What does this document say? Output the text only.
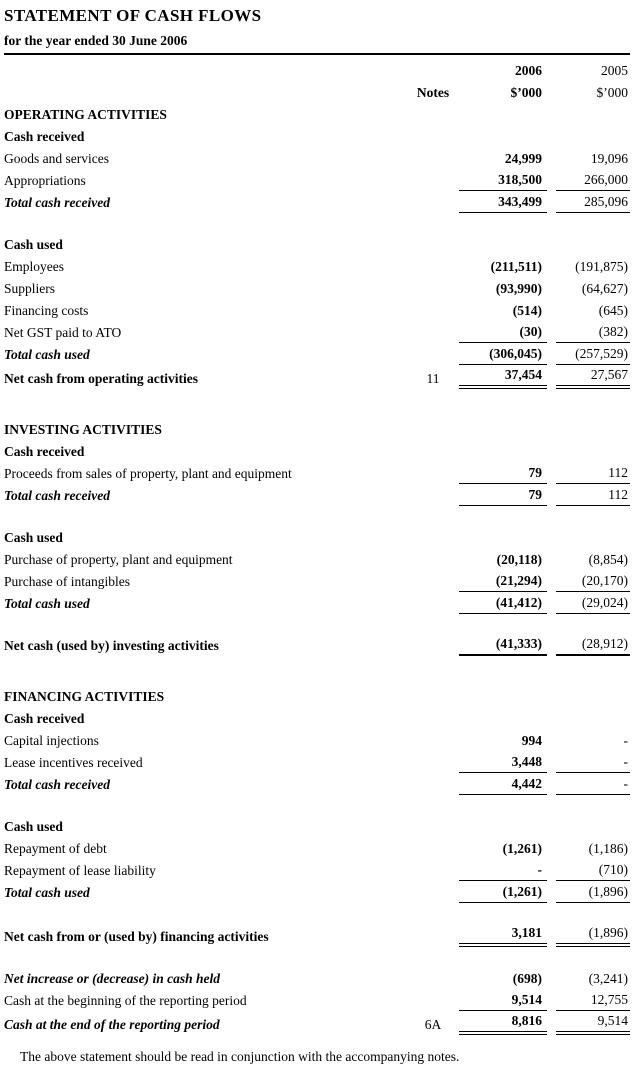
STATEMENT OF CASH FLOWS
for the year ended 30 June 2006
2006	2005
Notes	$’000	$’000
OPERATING ACTIVITIES
Cash received
Goods and services	24,999	19,096
Appropriations	318,500	266,000
Total cash received	343,499	285,096
Cash used
Employees	(211,511)	(191,875)
Suppliers	(93,990)	(64,627)
Financing costs	(514)	(645)
Net GST paid to ATO	(30)	(382)
Total cash used	(306,045)	(257,529)
Net cash from operating activities	11	37,454	27,567
INVESTING ACTIVITIES
Cash received
Proceeds from sales of property, plant and equipment	79	112
Total cash received	79	112
Cash used
Purchase of property, plant and equipment	(20,118)	(8,854)
Purchase of intangibles	(21,294)	(20,170)
Total cash used	(41,412)	(29,024)
Net cash (used by) investing activities	(41,333)	(28,912)
FINANCING ACTIVITIES
Cash received
Capital injections	994	-
Lease incentives received	3,448	-
Total cash received	4,442	-
Cash used
Repayment of debt	(1,261)	(1,186)
Repayment of lease liability	-	(710)
Total cash used	(1,261)	(1,896)
Net cash from or (used by) financing activities	3,181	(1,896)
Net increase or (decrease) in cash held	(698)	(3,241)
Cash at the beginning of the reporting period	9,514	12,755
Cash at the end of the reporting period	6A	8,816	9,514
The above statement should be read in conjunction with the accompanying notes.
